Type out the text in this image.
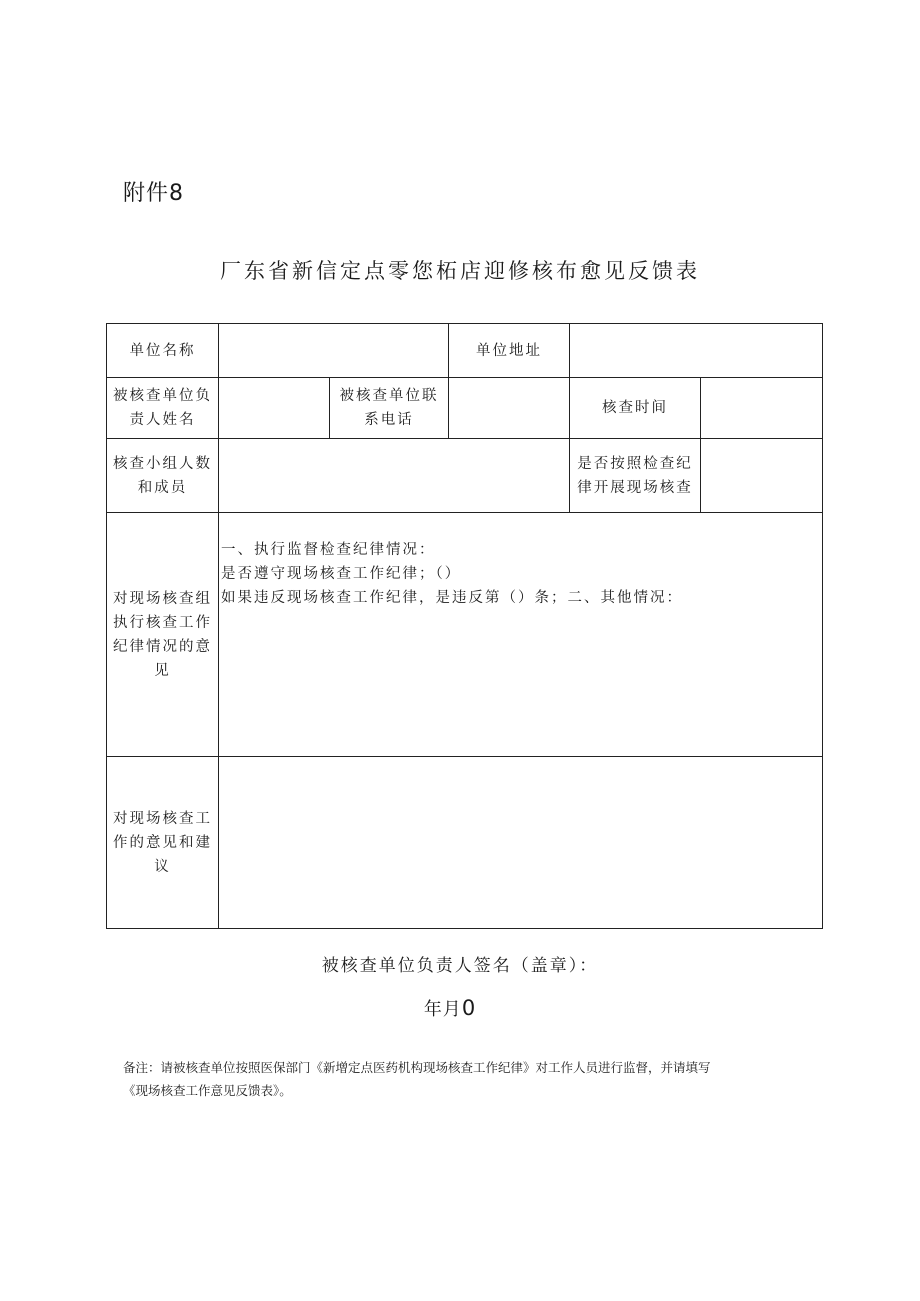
附件8
厂东省新信定点零您柘店迎修核布愈见反馈表
单位名称	单位地址
被核查单位负责人姓名
被核查单位联系电话
核查时间
核查小组人数和成员
是否按照检查纪律开展现场核查
对现场核查组执行核查工作纪律情况的意见
一、执行监督检查纪律情况：
是否遵守现场核查工作纪律；（）
如果违反现场核查工作纪律，是违反第（）条；二、其他情况：
对现场核查工作的意见和建议
被核查单位负责人签名（盖章）：
年月0
备注：请被核查单位按照医保部门《新增定点医药机构现场核查工作纪律》对工作人员进行监督，并请填写
《现场核查工作意见反馈表》。
